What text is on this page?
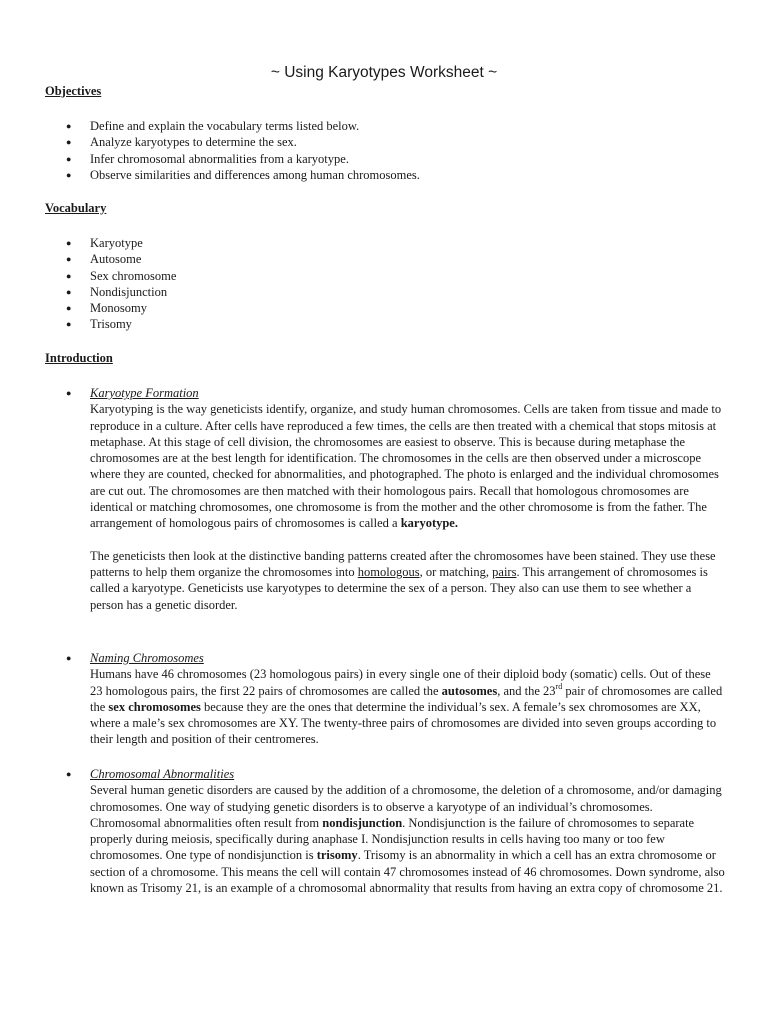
~ Using Karyotypes Worksheet ~
Objectives
● Define and explain the vocabulary terms listed below.
● Analyze karyotypes to determine the sex.
● Infer chromosomal abnormalities from a karyotype.
● Observe similarities and differences among human chromosomes.
Vocabulary
● Karyotype
● Autosome
● Sex chromosome
● Nondisjunction
● Monosomy
● Trisomy
Introduction
● Karyotype Formation

Karyotyping is the way geneticists identify, organize, and study human chromosomes. Cells are taken from tissue and made to reproduce in a culture. After cells have reproduced a few times, the cells are then treated with a chemical that stops mitosis at metaphase. At this stage of cell division, the chromosomes are easiest to observe. This is because during metaphase the chromosomes are at the best length for identification. The chromosomes in the cells are then observed under a microscope where they are counted, checked for abnormalities, and photographed. The photo is enlarged and the individual chromosomes are cut out. The chromosomes are then matched with their homologous pairs. Recall that homologous chromosomes are identical or matching chromosomes, one chromosome is from the mother and the other chromosome is from the father. The arrangement of homologous pairs of chromosomes is called a karyotype.

The geneticists then look at the distinctive banding patterns created after the chromosomes have been stained. They use these patterns to help them organize the chromosomes into homologous, or matching, pairs. This arrangement of chromosomes is called a karyotype. Geneticists use karyotypes to determine the sex of a person. They also can use them to see whether a person has a genetic disorder.

● Naming Chromosomes

Humans have 46 chromosomes (23 homologous pairs) in every single one of their diploid body (somatic) cells. Out of these 23 homologous pairs, the first 22 pairs of chromosomes are called the autosomes, and the 23rd pair of chromosomes are called the sex chromosomes because they are the ones that determine the individual’s sex. A female’s sex chromosomes are XX, where a male’s sex chromosomes are XY. The twenty-three pairs of chromosomes are divided into seven groups according to their length and position of their centromeres.

● Chromosomal Abnormalities

Several human genetic disorders are caused by the addition of a chromosome, the deletion of a chromosome, and/or damaging chromosomes. One way of studying genetic disorders is to observe a karyotype of an individual’s chromosomes. Chromosomal abnormalities often result from nondisjunction. Nondisjunction is the failure of chromosomes to separate properly during meiosis, specifically during anaphase I. Nondisjunction results in cells having too many or too few chromosomes. One type of nondisjunction is trisomy. Trisomy is an abnormality in which a cell has an extra chromosome or section of a chromosome. This means the cell will contain 47 chromosomes instead of 46 chromosomes. Down syndrome, also known as Trisomy 21, is an example of a chromosomal abnormality that results from having an extra copy of chromosome 21.
